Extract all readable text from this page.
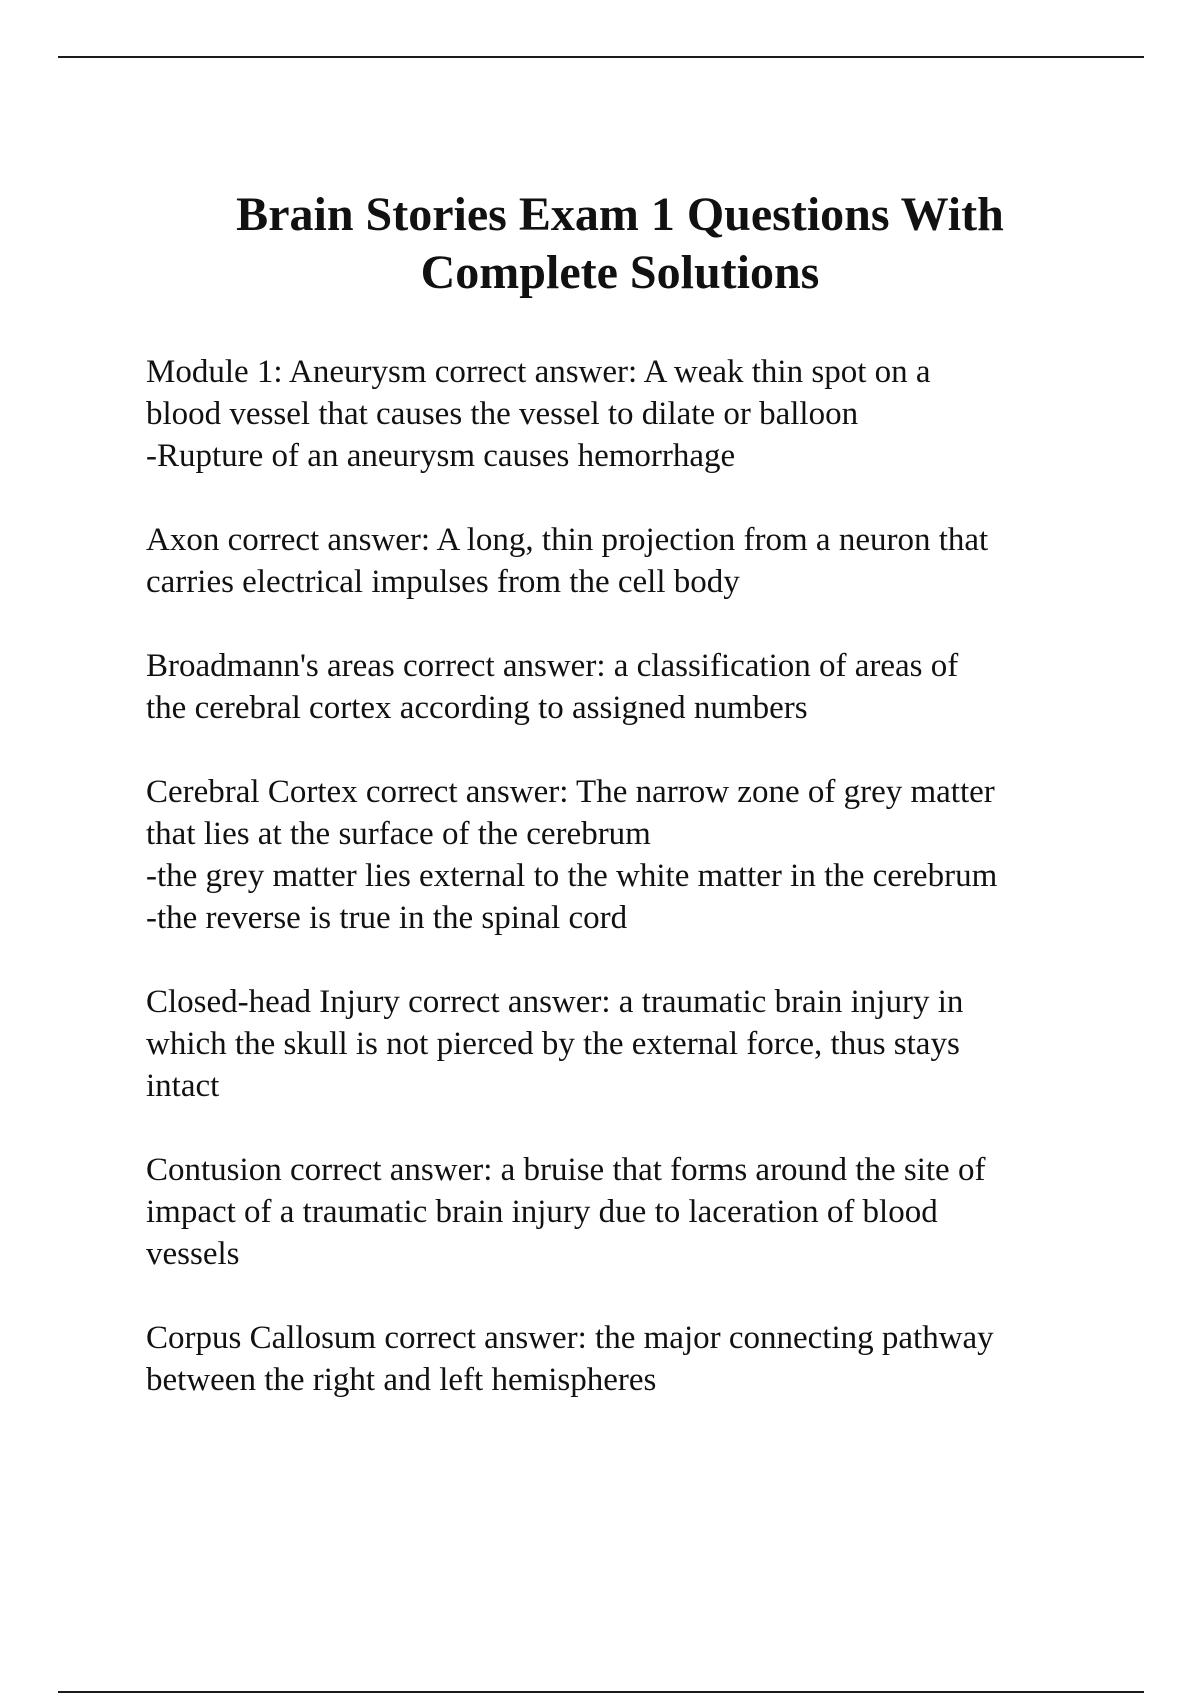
Brain Stories Exam 1 Questions With
Complete Solutions

Module 1: Aneurysm correct answer: A weak thin spot on a
blood vessel that causes the vessel to dilate or balloon
-Rupture of an aneurysm causes hemorrhage

Axon correct answer: A long, thin projection from a neuron that
carries electrical impulses from the cell body

Broadmann's areas correct answer: a classification of areas of
the cerebral cortex according to assigned numbers

Cerebral Cortex correct answer: The narrow zone of grey matter
that lies at the surface of the cerebrum
-the grey matter lies external to the white matter in the cerebrum
-the reverse is true in the spinal cord

Closed-head Injury correct answer: a traumatic brain injury in
which the skull is not pierced by the external force, thus stays
intact

Contusion correct answer: a bruise that forms around the site of
impact of a traumatic brain injury due to laceration of blood
vessels

Corpus Callosum correct answer: the major connecting pathway
between the right and left hemispheres
